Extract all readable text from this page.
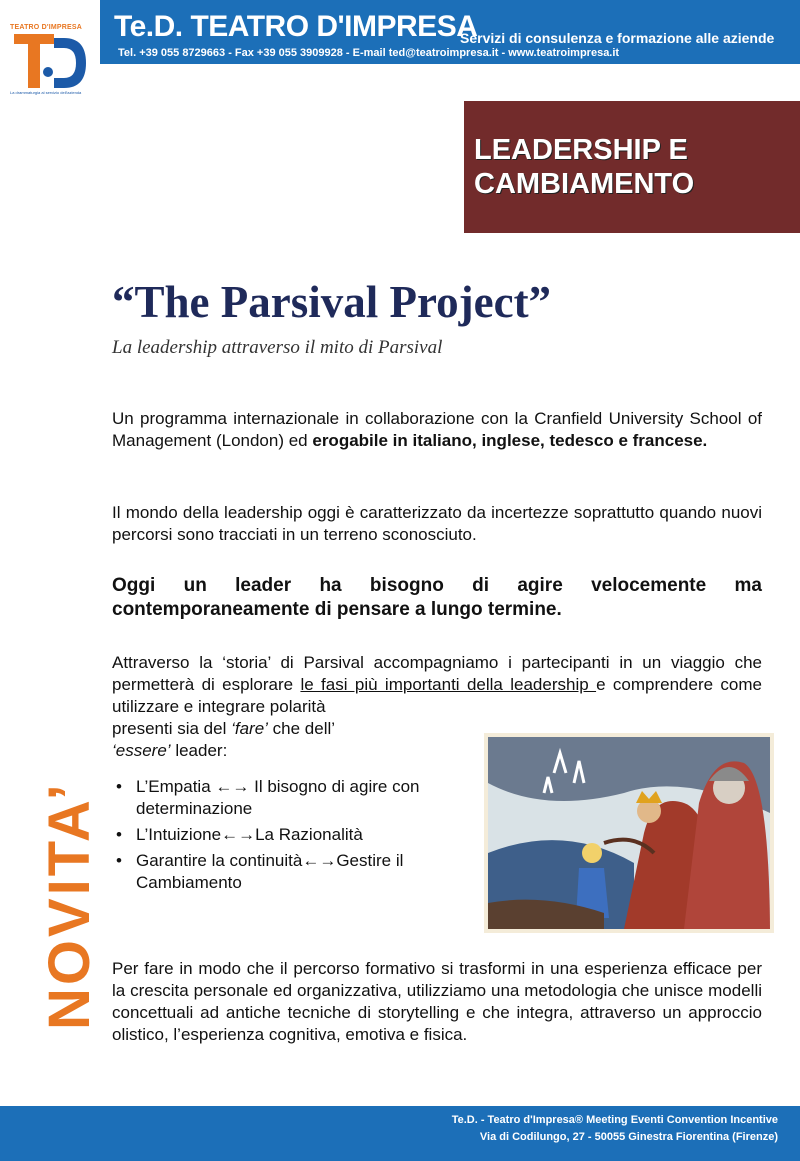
TEATRO D'IMPRESA
La drammaturgia al servizio dell'azienda
Te.D. TEATRO D'IMPRESA
Servizi di consulenza e formazione alle aziende
Tel. +39 055 8729663 - Fax +39 055 3909928 - E-mail ted@teatroimpresa.it - www.teatroimpresa.it
LEADERSHIP E CAMBIAMENTO
“The Parsival Project”
La leadership attraverso il mito di Parsival
Un programma internazionale in collaborazione con la Cranfield University School of Management (London) ed erogabile in italiano, inglese, tedesco e francese.
Il mondo della leadership oggi è caratterizzato da incertezze soprattutto quando nuovi percorsi sono tracciati in un terreno sconosciuto.
Oggi un leader ha bisogno di agire velocemente ma contemporaneamente di pensare a lungo termine.
Attraverso la ‘storia’ di Parsival accompagniamo i partecipanti in un viaggio che permetterà di esplorare le fasi più importanti della leadership e comprendere come utilizzare e integrare polarità
presenti sia del ‘fare’ che dell’
‘essere’ leader:
• L’Empatia ←→ Il bisogno di agire con determinazione
• L’Intuizione←→La Razionalità
• Garantire la continuità←→Gestire il Cambiamento
Per fare in modo che il percorso formativo si trasformi in una esperienza efficace per la crescita personale ed organizzativa, utilizziamo una metodologia che unisce modelli concettuali ad antiche tecniche di storytelling e che integra, attraverso un approccio olistico, l’esperienza cognitiva, emotiva e fisica.
NOVITA’
Te.D. - Teatro d'Impresa® Meeting Eventi Convention Incentive
Via di Codilungo, 27 - 50055 Ginestra Fiorentina (Firenze)
